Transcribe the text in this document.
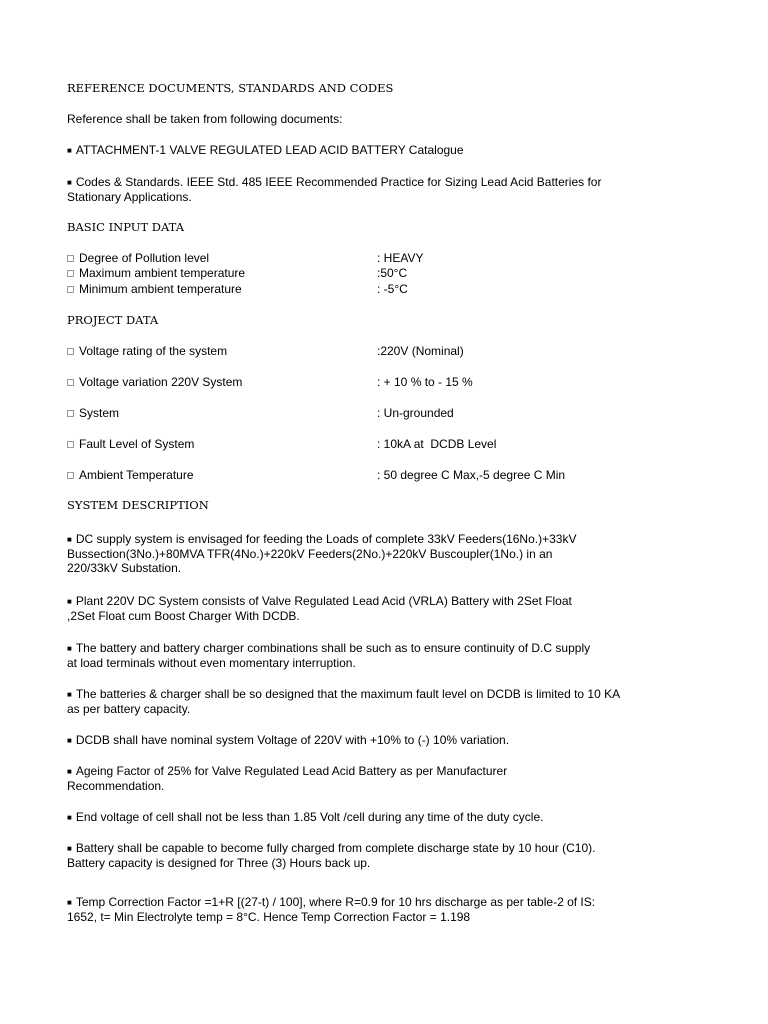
REFERENCE DOCUMENTS, STANDARDS AND CODES
Reference shall be taken from following documents:
■ ATTACHMENT-1 VALVE REGULATED LEAD ACID BATTERY Catalogue
■ Codes & Standards. IEEE Std. 485 IEEE Recommended Practice for Sizing Lead Acid Batteries for Stationary Applications.
BASIC INPUT DATA
Degree of Pollution level	: HEAVY
Maximum ambient temperature	:50°C
Minimum ambient temperature	: -5°C
PROJECT DATA
Voltage rating of the system	:220V (Nominal)
Voltage variation 220V System	: + 10 % to - 15 %
System	: Un-grounded
Fault Level of System	: 10kA at  DCDB Level
Ambient Temperature	: 50 degree C Max,-5 degree C Min
SYSTEM DESCRIPTION
■ DC supply system is envisaged for feeding the Loads of complete 33kV Feeders(16No.)+33kV Bussection(3No.)+80MVA TFR(4No.)+220kV Feeders(2No.)+220kV Buscoupler(1No.) in an 220/33kV Substation.
■ Plant 220V DC System consists of Valve Regulated Lead Acid (VRLA) Battery with 2Set Float ,2Set Float cum Boost Charger With DCDB.
■ The battery and battery charger combinations shall be such as to ensure continuity of D.C supply at load terminals without even momentary interruption.
■ The batteries & charger shall be so designed that the maximum fault level on DCDB is limited to 10 KA as per battery capacity.
■ DCDB shall have nominal system Voltage of 220V with +10% to (-) 10% variation.
■ Ageing Factor of 25% for Valve Regulated Lead Acid Battery as per Manufacturer Recommendation.
■ End voltage of cell shall not be less than 1.85 Volt /cell during any time of the duty cycle.
■ Battery shall be capable to become fully charged from complete discharge state by 10 hour (C10). Battery capacity is designed for Three (3) Hours back up.
■ Temp Correction Factor =1+R [(27-t) / 100], where R=0.9 for 10 hrs discharge as per table-2 of IS: 1652, t= Min Electrolyte temp = 8°C. Hence Temp Correction Factor = 1.198
